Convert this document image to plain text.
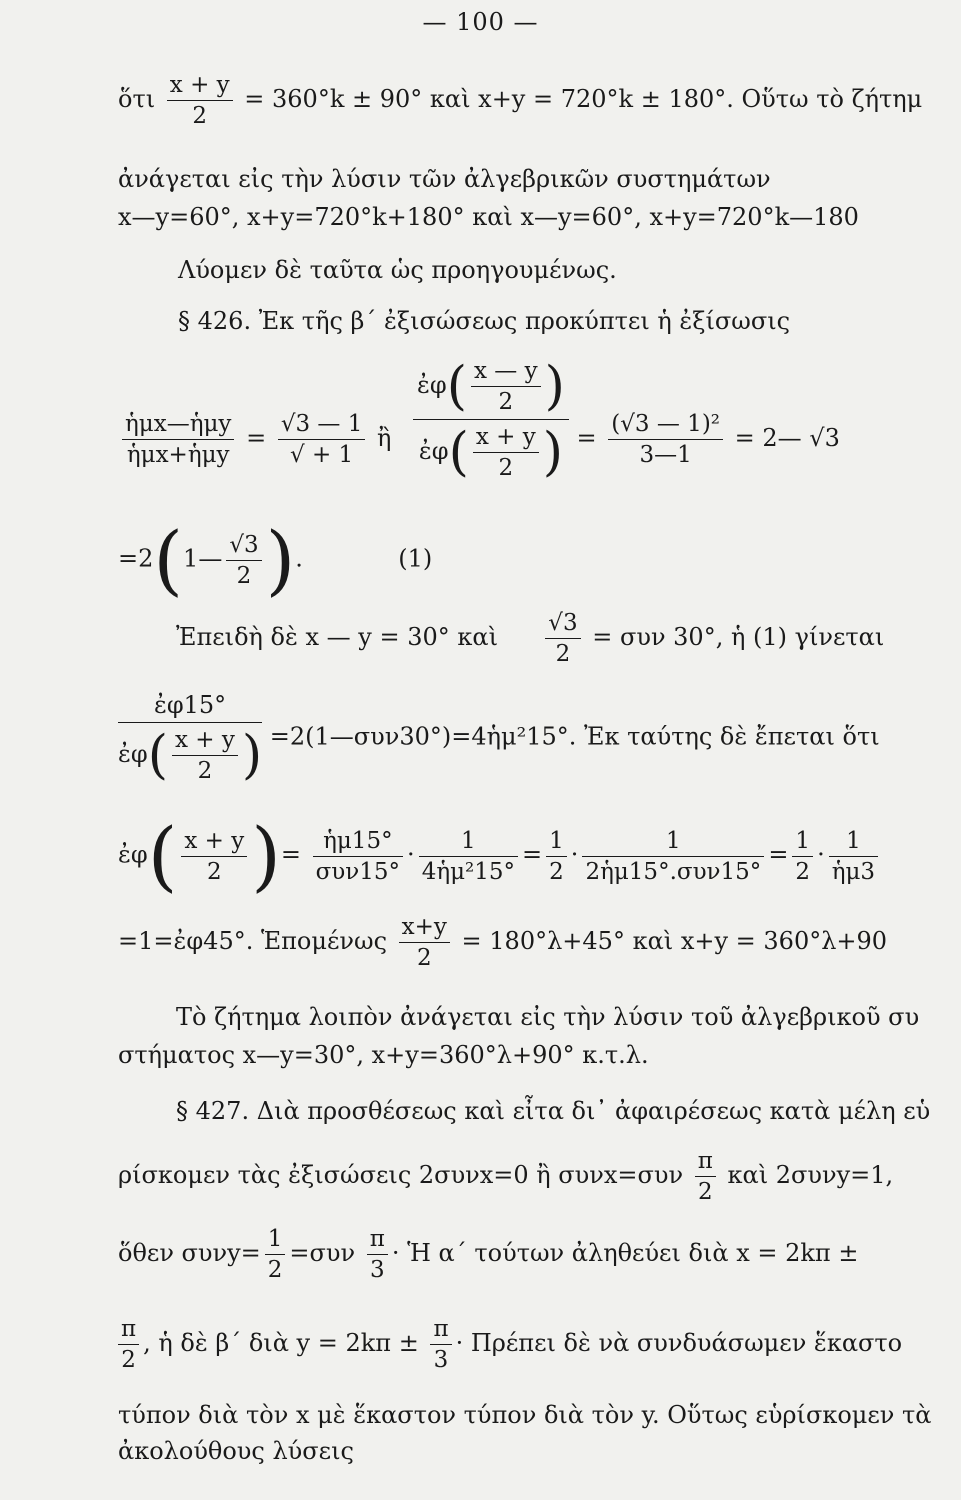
— 100 —
ὅτι $\frac{x + y}{2} = 360^\circ k \pm 90^\circ$ καὶ x+y = 720°k ± 180°. Οὕτω τὸ ζήτημ
ἀνάγεται εἰς τὴν λύσιν τῶν ἀλγεβρικῶν συστημάτων
x—y=60°, x+y=720°k+180° καὶ x—y=60°, x+y=720°k—180
Λύομεν δὲ ταῦτα ὡς προηγουμένως.
§ 426. Ἐκ τῆς β΄ ἐξισώσεως προκύπτει ἡ ἐξίσωσις
$\frac{\text{ἡμx—ἡμy}}{\text{ἡμx+ἡμy}} = \frac{√3 — 1}{√ + 1}$ ἢ $\frac{ἐ\varphi( \frac{x — y}{2} )}{ἐ\varphi( \frac{x + y}{2} )} = \frac{\text{(√3 — 1)²}}{3—1}$ = 2— √3
=2(1— $\frac{√3}{2}$ ).	(1)
Ἐπειδὴ δὲ x — y = 30° καὶ $\frac{√3}{2} = \sigma\upsilon\nu$ 30°, ἡ (1) γίνεται
$\frac{\text{ἐφ15°}}{ἐ\varphi( \frac{x + y}{2} )}$ =2(1—συν30°)=4ἡμ²15°. Ἐκ ταύτης δὲ ἔπεται ὅτι
ἐφ( $\frac{x + y}{2}$ )= $\frac{\text{ἡμ15°}}{\text{συν15°}} \cdot \frac{1}{\text{4ἡμ²15°}} = \frac{1}{2} \cdot \frac{1}{\text{2ἡμ15°.συν15°}} = \frac{1}{2} \cdot \frac{1}{\text{ἡμ3}}$
=1=ἐφ45°. Ἑπομένως $\frac{x+y}{2} = 180^\circ\lambda+45^\circ$ καὶ x+y = 360°λ+90
Τὸ ζήτημα λοιπὸν ἀνάγεται εἰς τὴν λύσιν τοῦ ἀλγεβρικοῦ συ
στήματος x—y=30°, x+y=360°λ+90° κ.τ.λ.
§ 427. Διὰ προσθέσεως καὶ εἶτα δι᾿ ἀφαιρέσεως κατὰ μέλη εὑ
ρίσκομεν τὰς ἐξισώσεις 2συνx=0 ἢ $\sigma\upsilon\nu x=\sigma\upsilon\nu \frac{\pi}{2}$ καὶ 2συνy=1,
ὅθεν $\sigma\upsilon\nu y= \frac{1}{2} =\sigma\upsilon\nu \frac{\pi}{3}$ · Ἡ α΄ τούτων ἀληθεύει διὰ x = 2kπ ±
$\frac{\pi}{2}$ , ἡ δὲ β΄ διὰ $y = 2k\pi \pm \frac{\pi}{3} \cdot \Pi\rho έ\pi\varepsilon\iota$ δὲ νὰ συνδυάσωμεν ἕκαστο
τύπον διὰ τὸν x μὲ ἕκαστον τύπον διὰ τὸν y. Οὕτως εὑρίσκομεν τὰ
ἀκολούθους λύσεις
